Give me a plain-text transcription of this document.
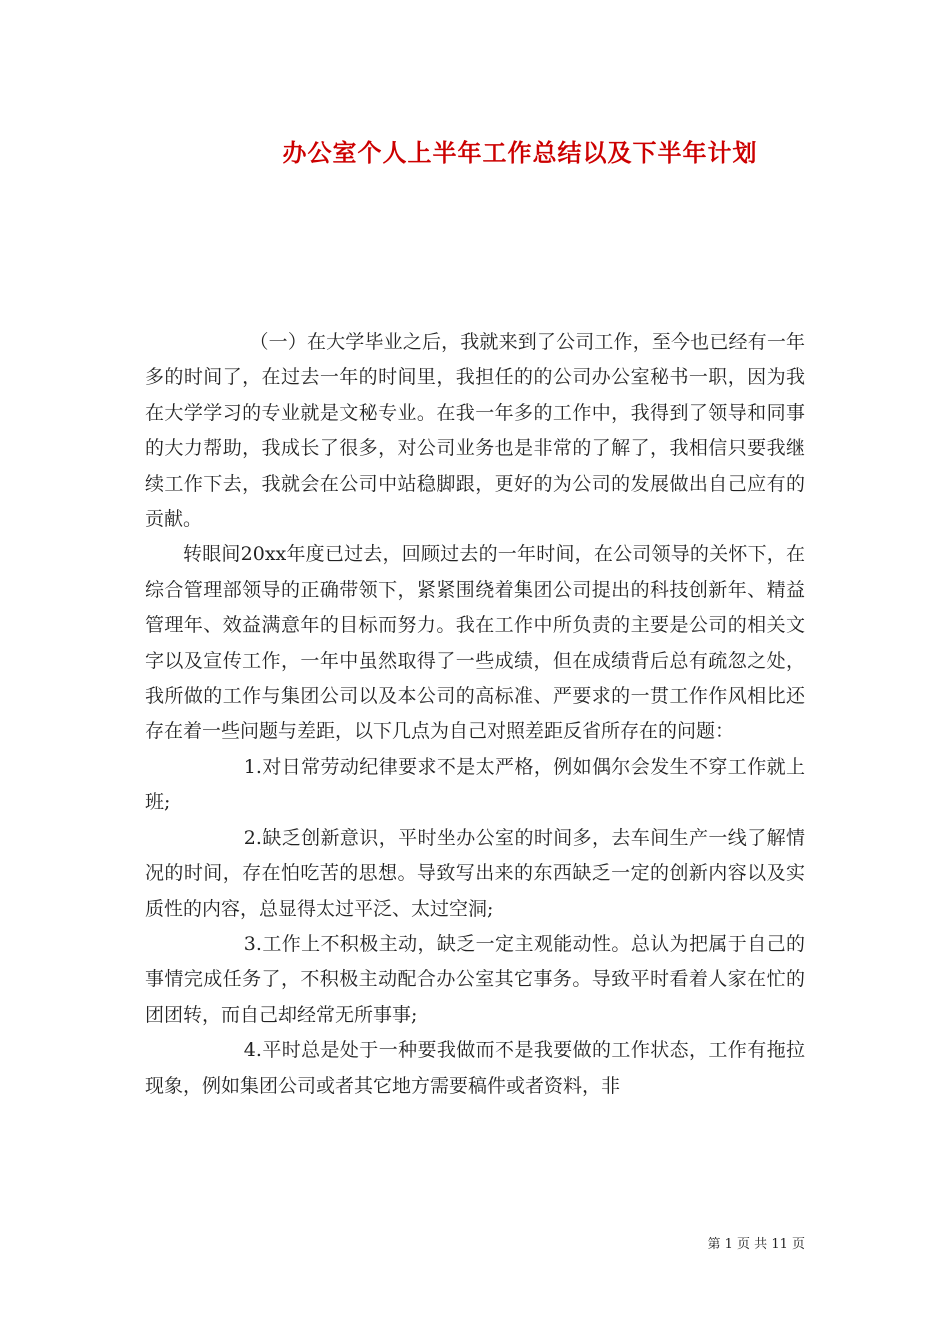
办公室个人上半年工作总结以及下半年计划

（一）在大学毕业之后，我就来到了公司工作，至今也已经有一年多的时间了，在过去一年的时间里，我担任的的公司办公室秘书一职，因为我在大学学习的专业就是文秘专业。在我一年多的工作中，我得到了领导和同事的大力帮助，我成长了很多，对公司业务也是非常的了解了，我相信只要我继续工作下去，我就会在公司中站稳脚跟，更好的为公司的发展做出自己应有的贡献。

转眼间20xx年度已过去，回顾过去的一年时间，在公司领导的关怀下，在综合管理部领导的正确带领下，紧紧围绕着集团公司提出的科技创新年、精益管理年、效益满意年的目标而努力。我在工作中所负责的主要是公司的相关文字以及宣传工作，一年中虽然取得了一些成绩，但在成绩背后总有疏忽之处，我所做的工作与集团公司以及本公司的高标准、严要求的一贯工作作风相比还存在着一些问题与差距，以下几点为自己对照差距反省所存在的问题：

1.对日常劳动纪律要求不是太严格，例如偶尔会发生不穿工作就上班;

2.缺乏创新意识，平时坐办公室的时间多，去车间生产一线了解情况的时间，存在怕吃苦的思想。导致写出来的东西缺乏一定的创新内容以及实质性的内容，总显得太过平泛、太过空洞;

3.工作上不积极主动，缺乏一定主观能动性。总认为把属于自己的事情完成任务了，不积极主动配合办公室其它事务。导致平时看着人家在忙的团团转，而自己却经常无所事事;

4.平时总是处于一种要我做而不是我要做的工作状态，工作有拖拉现象，例如集团公司或者其它地方需要稿件或者资料，非

第 1 页 共 11 页
